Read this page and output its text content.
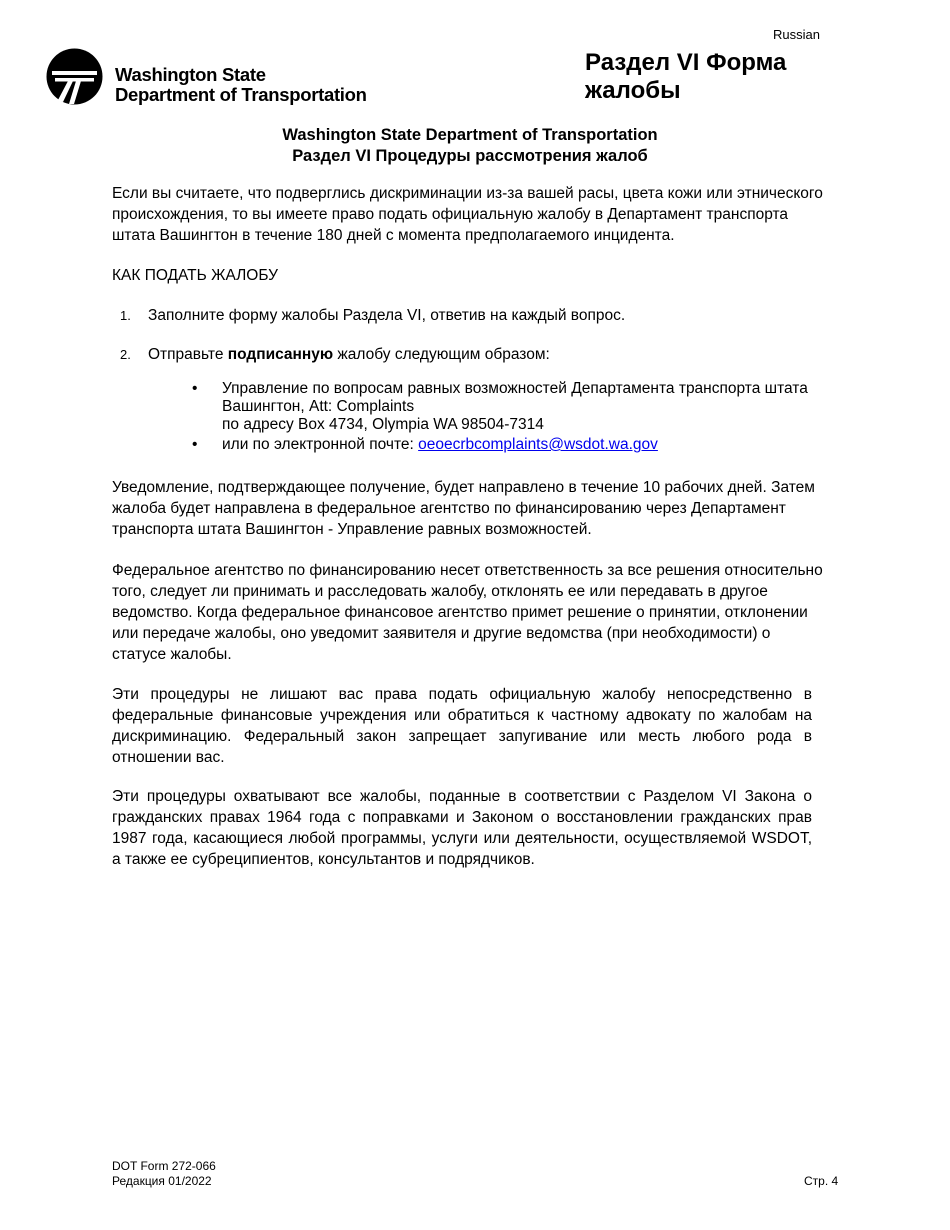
Russian
Washington State
Department of Transportation
Раздел VI Форма жалобы
Washington State Department of Transportation
Раздел VI Процедуры рассмотрения жалоб

Если вы считаете, что подверглись дискриминации из-за вашей расы, цвета кожи или этнического происхождения, то вы имеете право подать официальную жалобу в Департамент транспорта штата Вашингтон в течение 180 дней с момента предполагаемого инцидента.

КАК ПОДАТЬ ЖАЛОБУ

1. Заполните форму жалобы Раздела VI, ответив на каждый вопрос.
2. Отправьте подписанную жалобу следующим образом:
• Управление по вопросам равных возможностей Департамента транспорта штата
Вашингтон, Att: Complaints
по адресу Box 4734, Olympia WA 98504-7314
• или по электронной почте: oeoecrbcomplaints@wsdot.wa.gov

Уведомление, подтверждающее получение, будет направлено в течение 10 рабочих дней. Затем жалоба будет направлена в федеральное агентство по финансированию через Департамент транспорта штата Вашингтон - Управление равных возможностей.

Федеральное агентство по финансированию несет ответственность за все решения относительно того, следует ли принимать и расследовать жалобу, отклонять ее или передавать в другое ведомство. Когда федеральное финансовое агентство примет решение о принятии, отклонении или передаче жалобы, оно уведомит заявителя и другие ведомства (при необходимости) о статусе жалобы.

Эти процедуры не лишают вас права подать официальную жалобу непосредственно в федеральные финансовые учреждения или обратиться к частному адвокату по жалобам на дискриминацию. Федеральный закон запрещает запугивание или месть любого рода в отношении вас.

Эти процедуры охватывают все жалобы, поданные в соответствии с Разделом VI Закона о гражданских правах 1964 года с поправками и Законом о восстановлении гражданских прав 1987 года, касающиеся любой программы, услуги или деятельности, осуществляемой WSDOT, а также ее субреципиентов, консультантов и подрядчиков.

DOT Form 272-066
Редакция 01/2022	Стр. 4
